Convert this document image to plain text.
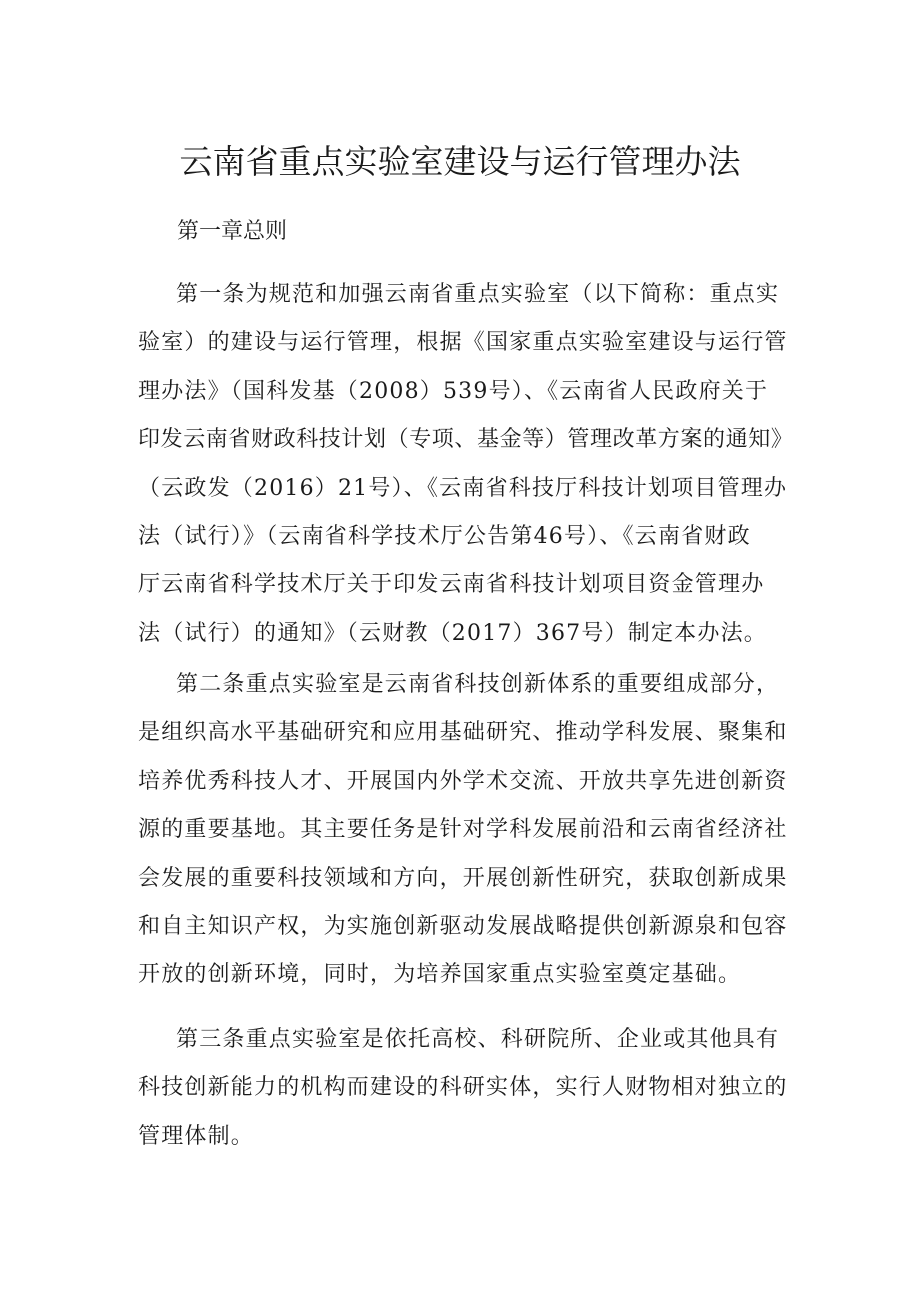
云南省重点实验室建设与运行管理办法

第一章总则

第一条为规范和加强云南省重点实验室（以下简称：重点实
验室）的建设与运行管理，根据《国家重点实验室建设与运行管
理办法》（国科发基（2008）539号）、《云南省人民政府关于
印发云南省财政科技计划（专项、基金等）管理改革方案的通知》
（云政发（2016）21号）、《云南省科技厅科技计划项目管理办
法（试行）》（云南省科学技术厅公告第46号）、《云南省财政
厅云南省科学技术厅关于印发云南省科技计划项目资金管理办
法（试行）的通知》（云财教（2017）367号）制定本办法。

第二条重点实验室是云南省科技创新体系的重要组成部分，
是组织高水平基础研究和应用基础研究、推动学科发展、聚集和
培养优秀科技人才、开展国内外学术交流、开放共享先进创新资
源的重要基地。其主要任务是针对学科发展前沿和云南省经济社
会发展的重要科技领域和方向，开展创新性研究，获取创新成果
和自主知识产权，为实施创新驱动发展战略提供创新源泉和包容
开放的创新环境，同时，为培养国家重点实验室奠定基础。

第三条重点实验室是依托高校、科研院所、企业或其他具有
科技创新能力的机构而建设的科研实体，实行人财物相对独立的
管理体制。
